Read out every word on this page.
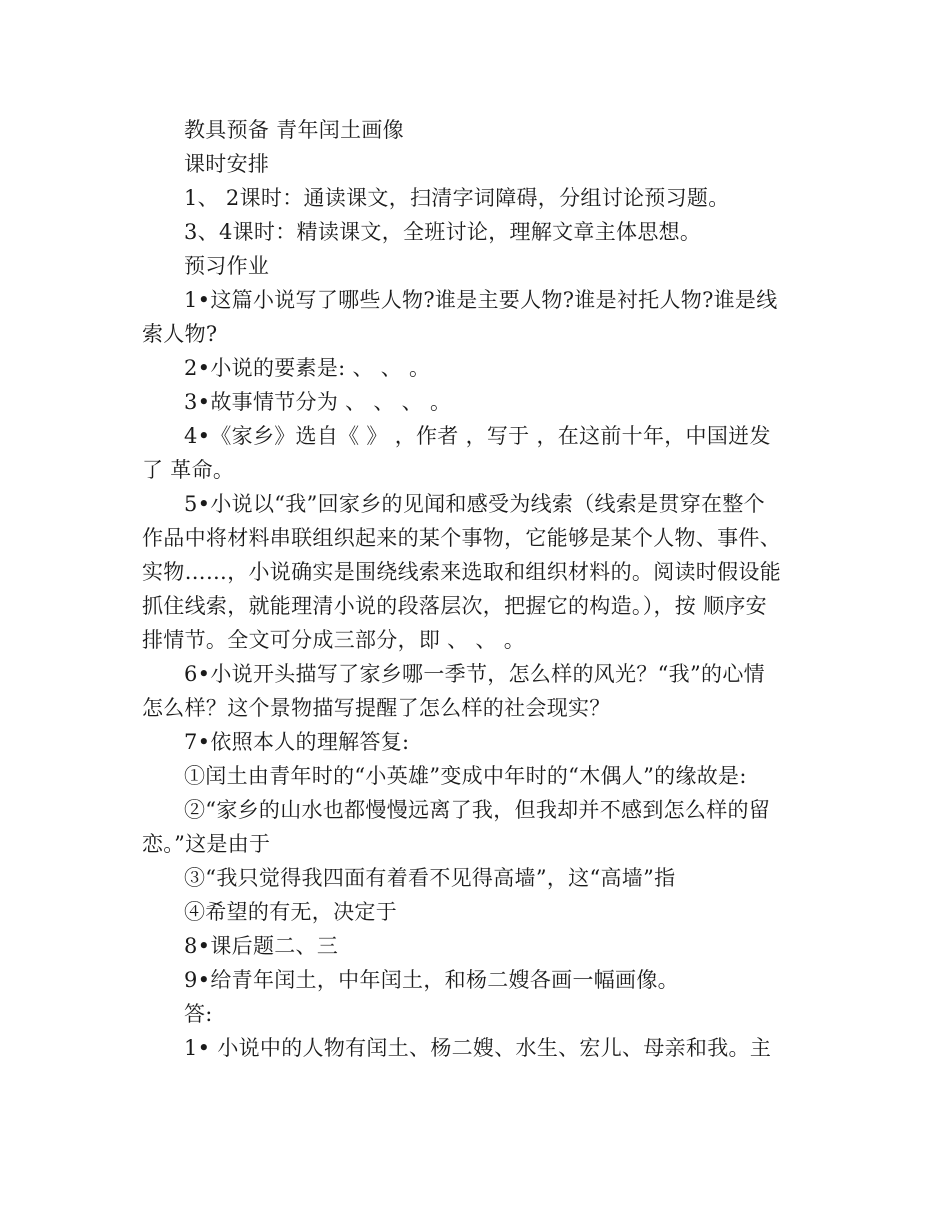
教具预备 青年闰土画像
课时安排
1、 2课时：通读课文，扫清字词障碍，分组讨论预习题。
3、4课时：精读课文，全班讨论，理解文章主体思想。
预习作业
1•这篇小说写了哪些人物?谁是主要人物?谁是衬托人物?谁是线
索人物?
2•小说的要素是: 、 、 。
3•故事情节分为 、 、 、 。
4•《家乡》选自《 》 ，作者 ，写于 ，在这前十年，中国迸发
了 革命。
5•小说以“我”回家乡的见闻和感受为线索（线索是贯穿在整个
作品中将材料串联组织起来的某个事物，它能够是某个人物、事件、
实物……，小说确实是围绕线索来选取和组织材料的。阅读时假设能
抓住线索，就能理清小说的段落层次，把握它的构造。），按 顺序安
排情节。全文可分成三部分，即 、 、 。
6•小说开头描写了家乡哪一季节，怎么样的风光？“我”的心情
怎么样？这个景物描写提醒了怎么样的社会现实？
7•依照本人的理解答复:
①闰土由青年时的“小英雄”变成中年时的“木偶人”的缘故是:
②“家乡的山水也都慢慢远离了我，但我却并不感到怎么样的留
恋。”这是由于
③“我只觉得我四面有着看不见得高墙”，这“高墙”指
④希望的有无，决定于
8•课后题二、三
9•给青年闰土，中年闰土，和杨二嫂各画一幅画像。
答:
1• 小说中的人物有闰土、杨二嫂、水生、宏儿、母亲和我。主
